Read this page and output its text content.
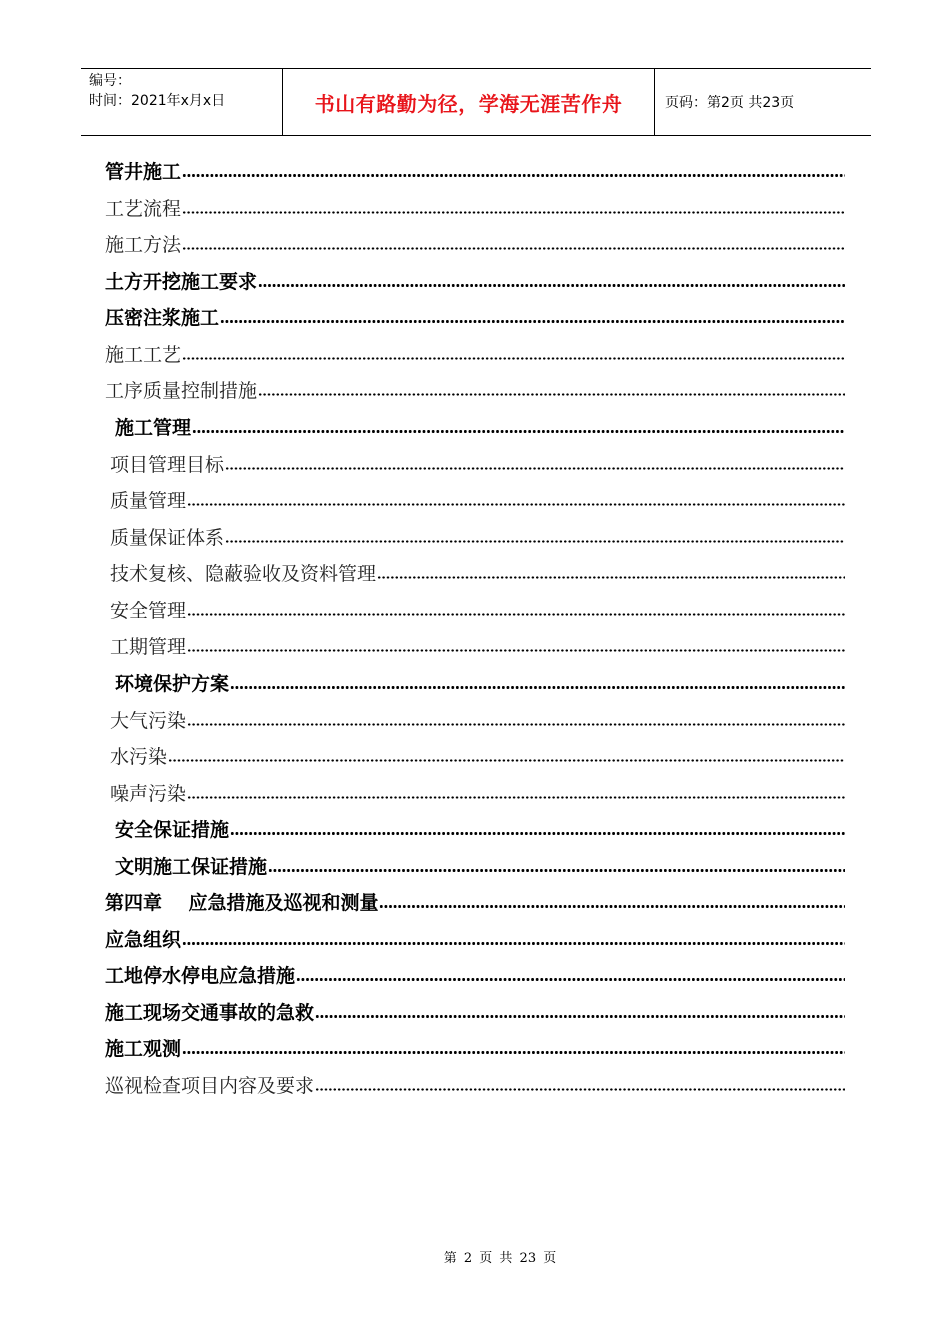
编号：
时间：2021年x月x日	书山有路勤为径，学海无涯苦作舟	页码：第2页 共23页
管井施工
工艺流程
施工方法
土方开挖施工要求
压密注浆施工
施工工艺
工序质量控制措施
施工管理
项目管理目标
质量管理
质量保证体系
技术复核、隐蔽验收及资料管理
安全管理
工期管理
环境保护方案
大气污染
水污染
噪声污染
安全保证措施
文明施工保证措施
第四章    应急措施及巡视和测量
应急组织
工地停水停电应急措施
施工现场交通事故的急救
施工观测
巡视检查项目内容及要求
第 2 页 共 23 页
